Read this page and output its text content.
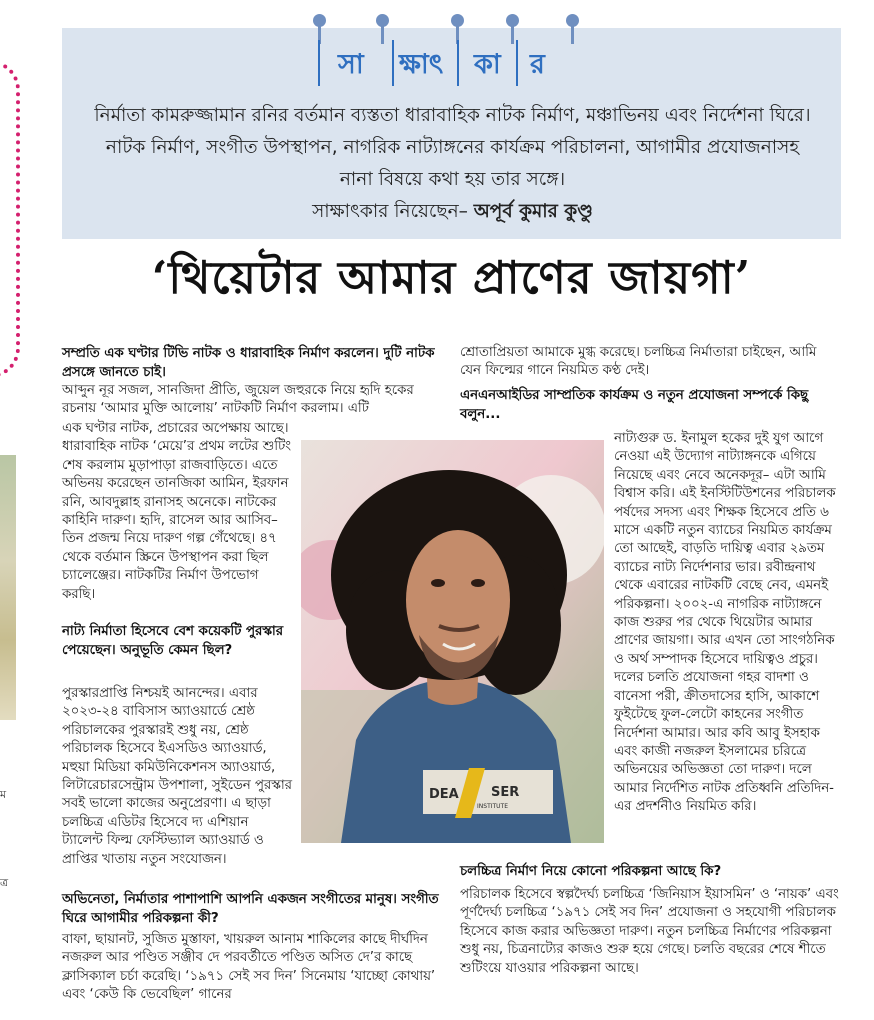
ম
ত্র
সা ক্ষাৎ কা র
নির্মাতা কামরুজ্জামান রনির বর্তমান ব্যস্ততা ধারাবাহিক নাটক নির্মাণ, মঞ্চাভিনয় এবং নির্দেশনা ঘিরে। নাটক নির্মাণ, সংগীত উপস্থাপন, নাগরিক নাট্যাঙ্গনের কার্যক্রম পরিচালনা, আগামীর প্রযোজনাসহ নানা বিষয়ে কথা হয় তার সঙ্গে।
সাক্ষাৎকার নিয়েছেন– অপূর্ব কুমার কুণ্ডু
‘থিয়েটার আমার প্রাণের জায়গা’
সম্প্রতি এক ঘণ্টার টিভি নাটক ও ধারাবাহিক নির্মাণ করলেন। দুটি নাটক প্রসঙ্গে জানতে চাই।
আব্দুন নূর সজল, সানজিদা প্রীতি, জুয়েল জহুরকে নিয়ে হৃদি হকের রচনায় ‘আমার মুক্তি আলোয়’ নাটকটি নির্মাণ করলাম। এটি
এক ঘণ্টার নাটক, প্রচারের অপেক্ষায় আছে। ধারাবাহিক নাটক ‘মেয়ে’র প্রথম লটের শুটিং শেষ করলাম মুড়াপাড়া রাজবাড়িতে। এতে অভিনয় করেছেন তানজিকা আমিন, ইরফান রনি, আবদুল্লাহ রানাসহ অনেকে। নাটকের কাহিনি দারুণ। হৃদি, রাসেল আর আসিব– তিন প্রজন্ম নিয়ে দারুণ গল্প গেঁথেছে। ৪৭ থেকে বর্তমান স্ক্রিনে উপস্থাপন করা ছিল চ্যালেঞ্জের। নাটকটির নির্মাণ উপভোগ করছি।
নাট্য নির্মাতা হিসেবে বেশ কয়েকটি পুরস্কার পেয়েছেন। অনুভূতি কেমন ছিল?
পুরস্কারপ্রাপ্তি নিশ্চয়ই আনন্দের। এবার ২০২৩-২৪ বাবিসাস অ্যাওয়ার্ডে শ্রেষ্ঠ পরিচালকের পুরস্কারই শুধু নয়, শ্রেষ্ঠ পরিচালক হিসেবে ইএসডিও অ্যাওয়ার্ড, মহুয়া মিডিয়া কমিউনিকেশনস অ্যাওয়ার্ড, লিটারেচারসেন্ট্রাম উপশালা, সুইডেন পুরস্কার সবই ভালো কাজের অনুপ্রেরণা। এ ছাড়া চলচ্চিত্র এডিটর হিসেবে দ্য এশিয়ান ট্যালেন্ট ফিল্ম ফেস্টিভ্যাল অ্যাওয়ার্ড ও প্রাপ্তির খাতায় নতুন সংযোজন।
অভিনেতা, নির্মাতার পাশাপাশি আপনি একজন সংগীতের মানুষ। সংগীত ঘিরে আগামীর পরিকল্পনা কী?
বাফা, ছায়ানট, সুজিত মুস্তাফা, খায়রুল আনাম শাকিলের কাছে দীর্ঘদিন নজরুল আর পণ্ডিত সঞ্জীব দে পরবর্তীতে পণ্ডিত অসিত দে’র কাছে ক্লাসিক্যাল চর্চা করেছি। ‘১৯৭১ সেই সব দিন’ সিনেমায় ‘যাচ্ছো কোথায়’ এবং ‘কেউ কি ভেবেছিল’ গানের
শ্রোতাপ্রিয়তা আমাকে মুগ্ধ করেছে। চলচ্চিত্র নির্মাতারা চাইছেন, আমি যেন ফিল্মের গানে নিয়মিত কণ্ঠ দেই।
এনএনআইডির সাম্প্রতিক কার্যক্রম ও নতুন প্রযোজনা সম্পর্কে কিছু বলুন...
নাট্যগুরু ড. ইনামুল হকের দুই যুগ আগে নেওয়া এই উদ্যোগ নাট্যাঙ্গনকে এগিয়ে নিয়েছে এবং নেবে অনেকদূর– এটা আমি বিশ্বাস করি। এই ইনস্টিটিউশনের পরিচালক পর্ষদের সদস্য এবং শিক্ষক হিসেবে প্রতি ৬ মাসে একটি নতুন ব্যাচের নিয়মিত কার্যক্রম তো আছেই, বাড়তি দায়িত্ব এবার ২৯তম ব্যাচের নাট্য নির্দেশনার ভার। রবীন্দ্রনাথ থেকে এবারের নাটকটি বেছে নেব, এমনই পরিকল্পনা। ২০০২-এ নাগরিক নাট্যাঙ্গনে কাজ শুরুর পর থেকে থিয়েটার আমার প্রাণের জায়গা। আর এখন তো সাংগঠনিক ও অর্থ সম্পাদক হিসেবে দায়িত্বও প্রচুর। দলের চলতি প্রযোজনা গহর বাদশা ও বানেসা পরী, ক্রীতদাসের হাসি, আকাশে ফুইটেছে ফুল-লেটো কাহনের সংগীত নির্দেশনা আমার। আর কবি আবু ইসহাক এবং কাজী নজরুল ইসলামের চরিত্রে অভিনয়ের অভিজ্ঞতা তো দারুণ। দলে আমার নির্দেশিত নাটক প্রতিধ্বনি প্রতিদিন-এর প্রদর্শনীও নিয়মিত করি।
চলচ্চিত্র নির্মাণ নিয়ে কোনো পরিকল্পনা আছে কি?
পরিচালক হিসেবে স্বল্পদৈর্ঘ্য চলচ্চিত্র ‘জিনিয়াস ইয়াসমিন’ ও ‘নায়ক’ এবং পূর্ণদৈর্ঘ্য চলচ্চিত্র ‘১৯৭১ সেই সব দিন’ প্রযোজনা ও সহযোগী পরিচালক হিসেবে কাজ করার অভিজ্ঞতা দারুণ। নতুন চলচ্চিত্র নির্মাণের পরিকল্পনা শুধু নয়, চিত্রনাট্যের কাজও শুরু হয়ে গেছে। চলতি বছরের শেষে শীতে শুটিংয়ে যাওয়ার পরিকল্পনা আছে।
DEA SER
INSTITUTE
